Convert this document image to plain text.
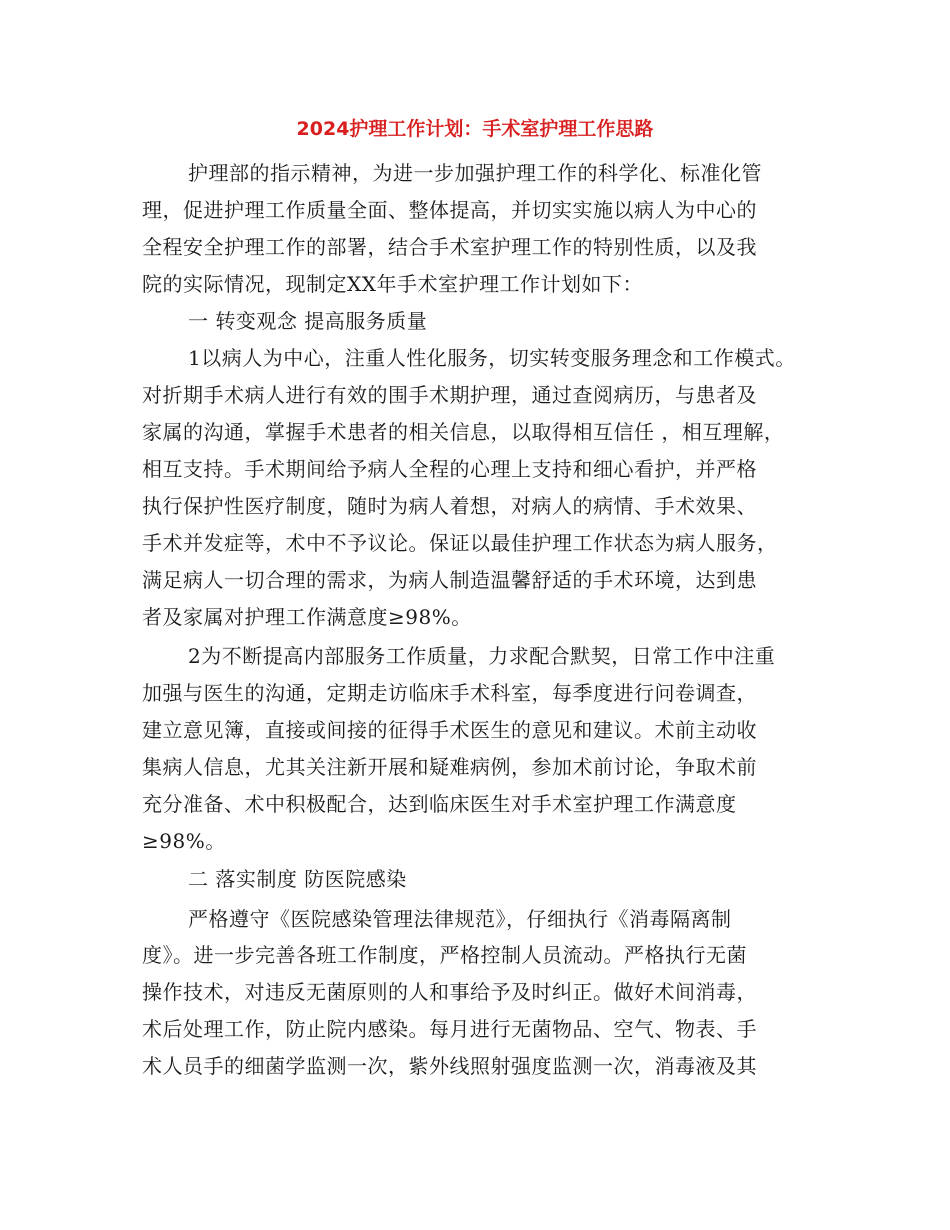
2024护理工作计划：手术室护理工作思路
护理部的指示精神，为进一步加强护理工作的科学化、标准化管
理，促进护理工作质量全面、整体提高，并切实实施以病人为中心的
全程安全护理工作的部署，结合手术室护理工作的特别性质，以及我
院的实际情况，现制定XX年手术室护理工作计划如下：
一 转变观念 提高服务质量
1以病人为中心，注重人性化服务，切实转变服务理念和工作模式。
对折期手术病人进行有效的围手术期护理，通过查阅病历，与患者及
家属的沟通，掌握手术患者的相关信息，以取得相互信任 ，相互理解，
相互支持。手术期间给予病人全程的心理上支持和细心看护，并严格
执行保护性医疗制度，随时为病人着想，对病人的病情、手术效果、
手术并发症等，术中不予议论。保证以最佳护理工作状态为病人服务，
满足病人一切合理的需求，为病人制造温馨舒适的手术环境，达到患
者及家属对护理工作满意度≥98%。
2为不断提高内部服务工作质量，力求配合默契，日常工作中注重
加强与医生的沟通，定期走访临床手术科室，每季度进行问卷调查，
建立意见簿，直接或间接的征得手术医生的意见和建议。术前主动收
集病人信息，尤其关注新开展和疑难病例，参加术前讨论，争取术前
充分准备、术中积极配合，达到临床医生对手术室护理工作满意度
≥98%。
二 落实制度 防医院感染
严格遵守《医院感染管理法律规范》，仔细执行《消毒隔离制
度》。进一步完善各班工作制度，严格控制人员流动。严格执行无菌
操作技术，对违反无菌原则的人和事给予及时纠正。做好术间消毒，
术后处理工作，防止院内感染。每月进行无菌物品、空气、物表、手
术人员手的细菌学监测一次，紫外线照射强度监测一次，消毒液及其
